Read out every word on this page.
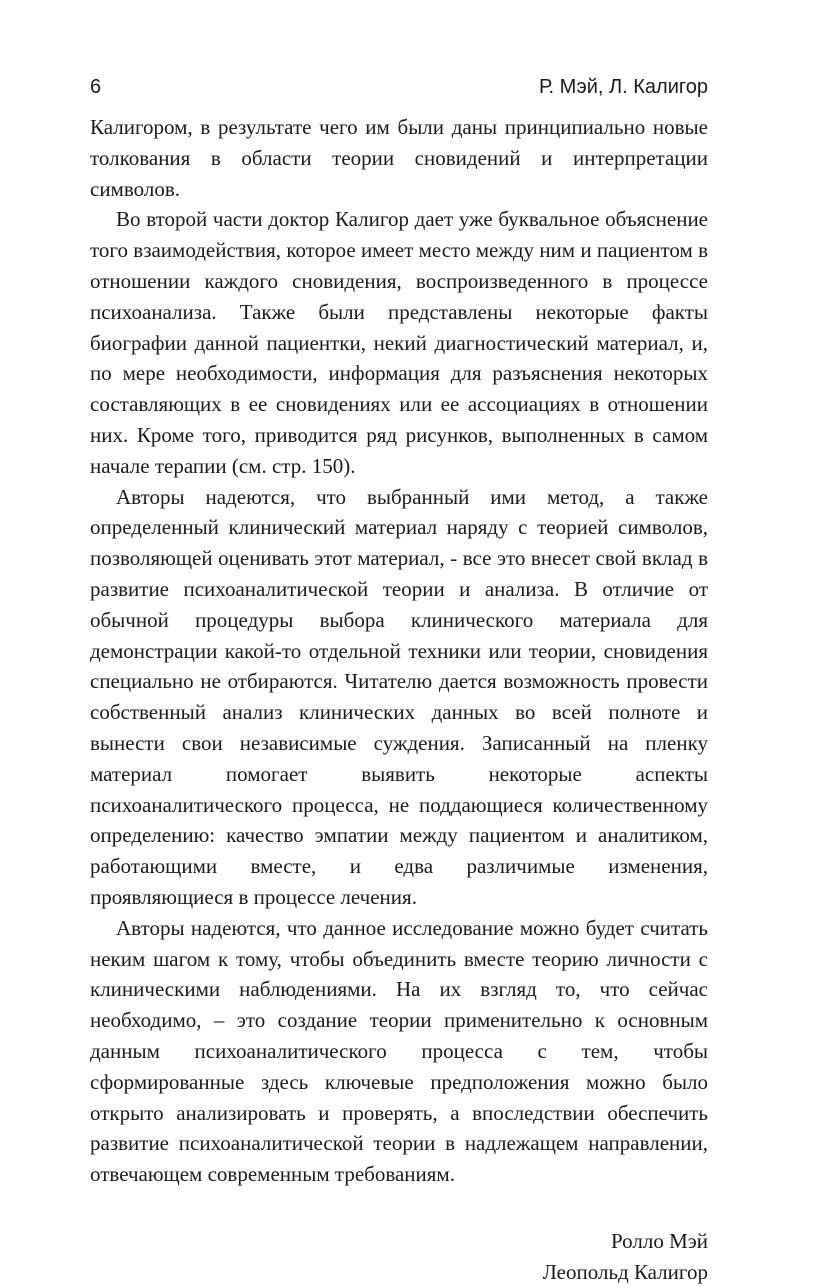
6	Р. Мэй, Л. Калигор

Калигором, в результате чего им были даны принципиально новые толкования в области теории сновидений и интерпретации символов.

Во второй части доктор Калигор дает уже буквальное объяснение того взаимодействия, которое имеет место между ним и пациентом в отношении каждого сновидения, воспроизведенного в процессе психоанализа. Также были представлены некоторые факты биографии данной пациентки, некий диагностический материал, и, по мере необходимости, информация для разъяснения некоторых составляющих в ее сновидениях или ее ассоциациях в отношении них. Кроме того, приводится ряд рисунков, выполненных в самом начале терапии (см. стр. 150).

Авторы надеются, что выбранный ими метод, а также определенный клинический материал наряду с теорией символов, позволяющей оценивать этот материал, - все это внесет свой вклад в развитие психоаналитической теории и анализа. В отличие от обычной процедуры выбора клинического материала для демонстрации какой-то отдельной техники или теории, сновидения специально не отбираются. Читателю дается возможность провести собственный анализ клинических данных во всей полноте и вынести свои независимые суждения. Записанный на пленку материал помогает выявить некоторые аспекты психоаналитического процесса, не поддающиеся количественному определению: качество эмпатии между пациентом и аналитиком, работающими вместе, и едва различимые изменения, проявляющиеся в процессе лечения.

Авторы надеются, что данное исследование можно будет считать неким шагом к тому, чтобы объединить вместе теорию личности с клиническими наблюдениями. На их взгляд то, что сейчас необходимо, – это создание теории применительно к основным данным психоаналитического процесса с тем, чтобы сформированные здесь ключевые предположения можно было открыто анализировать и проверять, а впоследствии обеспечить развитие психоаналитической теории в надлежащем направлении, отвечающем современным требованиям.

Ролло Мэй
Леопольд Калигор
